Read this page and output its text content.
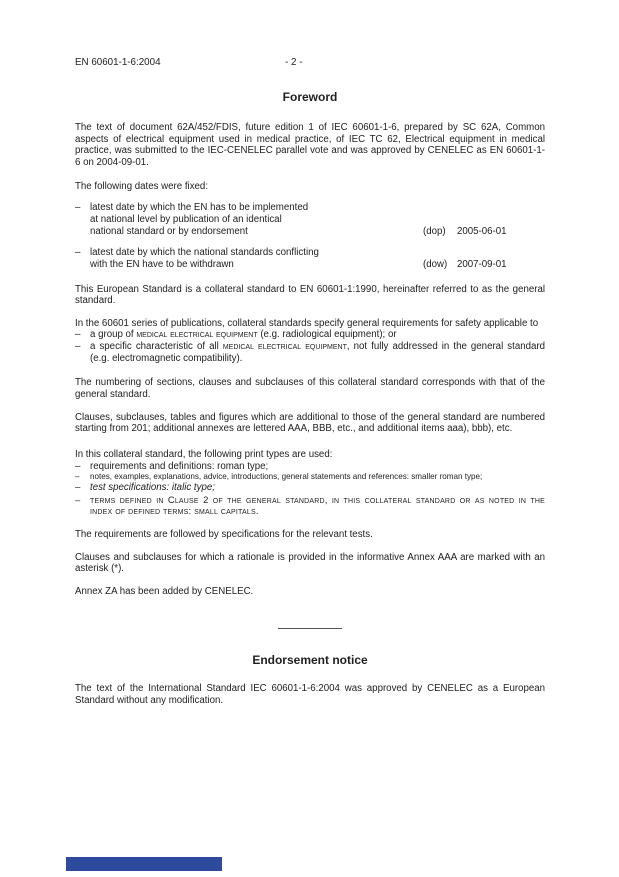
EN 60601-1-6:2004	- 2 -
Foreword
The text of document 62A/452/FDIS, future edition 1 of IEC 60601-1-6, prepared by SC 62A, Common aspects of electrical equipment used in medical practice, of IEC TC 62, Electrical equipment in medical practice, was submitted to the IEC-CENELEC parallel vote and was approved by CENELEC as EN 60601-1-6 on 2004-09-01.
The following dates were fixed:
– latest date by which the EN has to be implemented
at national level by publication of an identical
national standard or by endorsement	(dop)	2005-06-01
– latest date by which the national standards conflicting
with the EN have to be withdrawn	(dow)	2007-09-01
This European Standard is a collateral standard to EN 60601-1:1990, hereinafter referred to as the general standard.
In the 60601 series of publications, collateral standards specify general requirements for safety applicable to
– a group of medical electrical equipment (e.g. radiological equipment); or
– a specific characteristic of all medical electrical equipment, not fully addressed in the general standard (e.g. electromagnetic compatibility).
The numbering of sections, clauses and subclauses of this collateral standard corresponds with that of the general standard.
Clauses, subclauses, tables and figures which are additional to those of the general standard are numbered starting from 201; additional annexes are lettered AAA, BBB, etc., and additional items aaa), bbb), etc.
In this collateral standard, the following print types are used:
– requirements and definitions: roman type;
–	notes, examples, explanations, advice, introductions, general statements and references: smaller roman type;
– test specifications: italic type;
–	terms defined in Clause 2 of the general standard, in this collateral standard or as noted in the index of defined terms: small capitals.
The requirements are followed by specifications for the relevant tests.
Clauses and subclauses for which a rationale is provided in the informative Annex AAA are marked with an asterisk (*).
Annex ZA has been added by CENELEC.
Endorsement notice
The text of the International Standard IEC 60601-1-6:2004 was approved by CENELEC as a European Standard without any modification.
